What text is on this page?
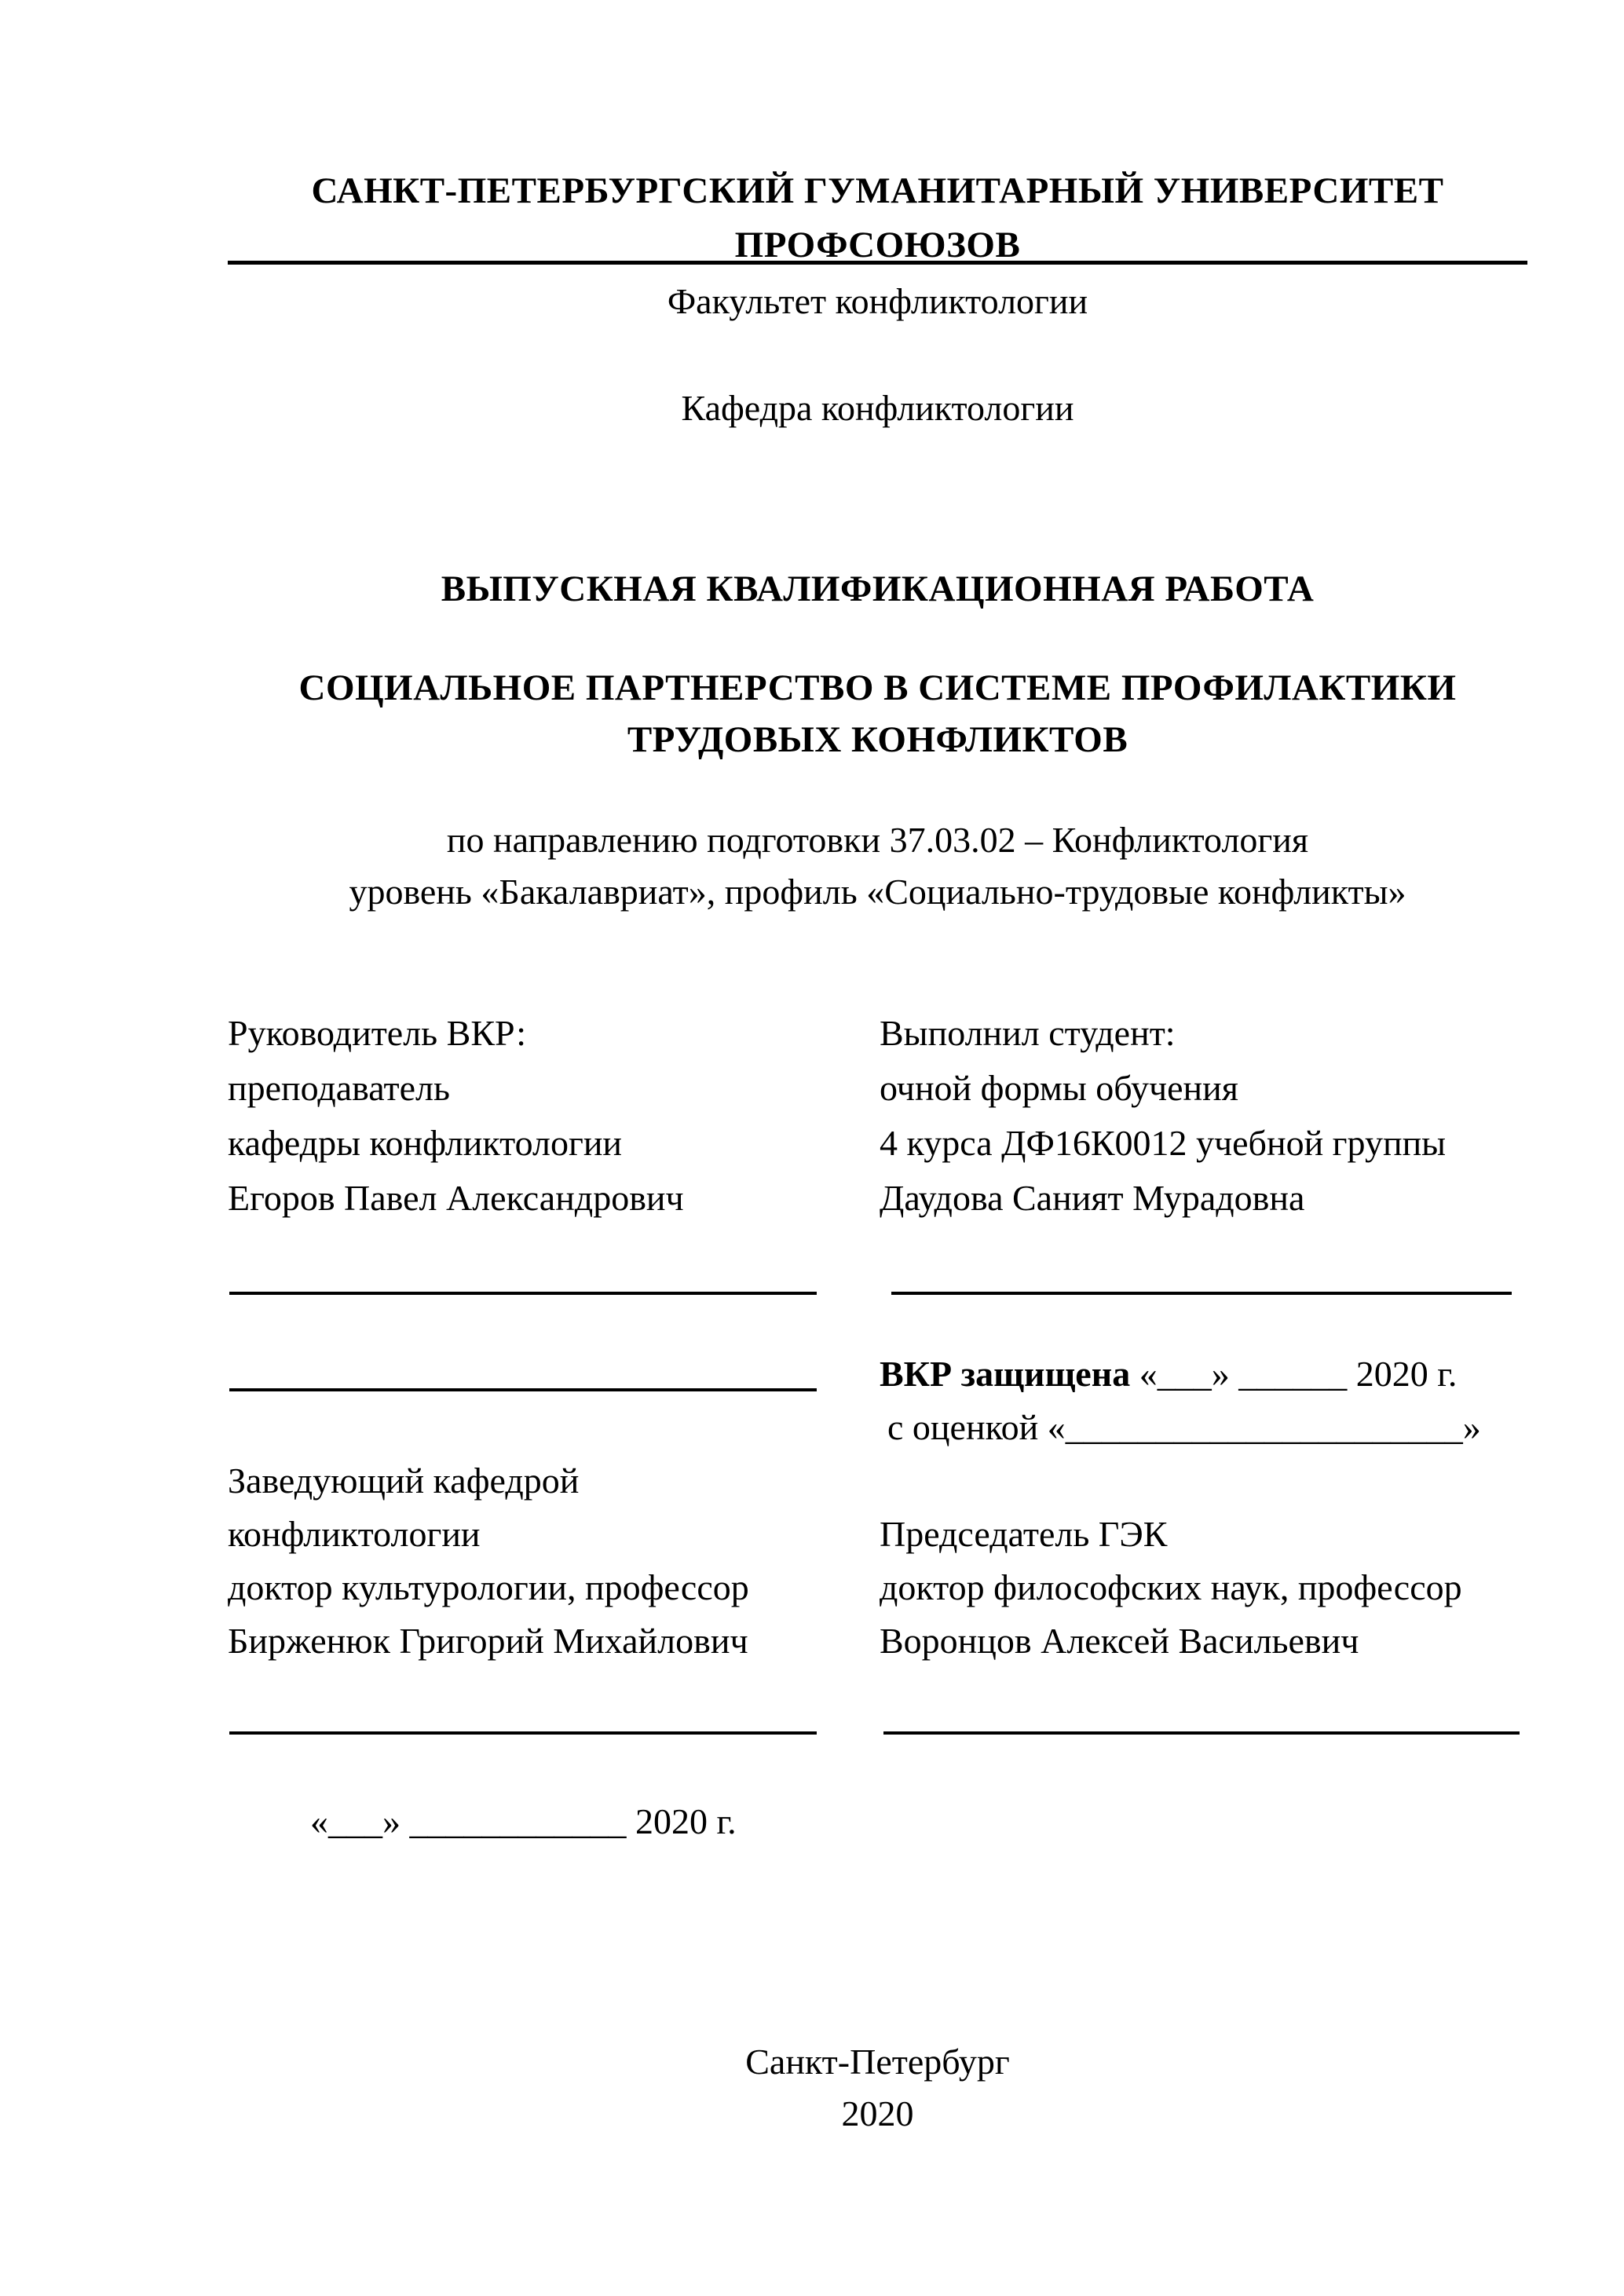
САНКТ-ПЕТЕРБУРГСКИЙ ГУМАНИТАРНЫЙ УНИВЕРСИТЕТ
ПРОФСОЮЗОВ
Факультет конфликтологии
Кафедра конфликтологии
ВЫПУСКНАЯ КВАЛИФИКАЦИОННАЯ РАБОТА
СОЦИАЛЬНОЕ ПАРТНЕРСТВО В СИСТЕМЕ ПРОФИЛАКТИКИ
ТРУДОВЫХ КОНФЛИКТОВ
по направлению подготовки 37.03.02 – Конфликтология
уровень «Бакалавриат», профиль «Социально-трудовые конфликты»
Руководитель ВКР:
преподаватель
кафедры конфликтологии
Егоров Павел Александрович
Выполнил студент:
очной формы обучения
4 курса ДФ16К0012 учебной группы
Даудова Саният Мурадовна
ВКР защищена «___» ______ 2020 г.
с оценкой «______________________»
Заведующий кафедрой
конфликтологии
доктор культурологии, профессор
Бирженюк Григорий Михайлович
Председатель ГЭК
доктор философских наук, профессор
Воронцов Алексей Васильевич
«___» ____________ 2020 г.
Санкт-Петербург
2020
